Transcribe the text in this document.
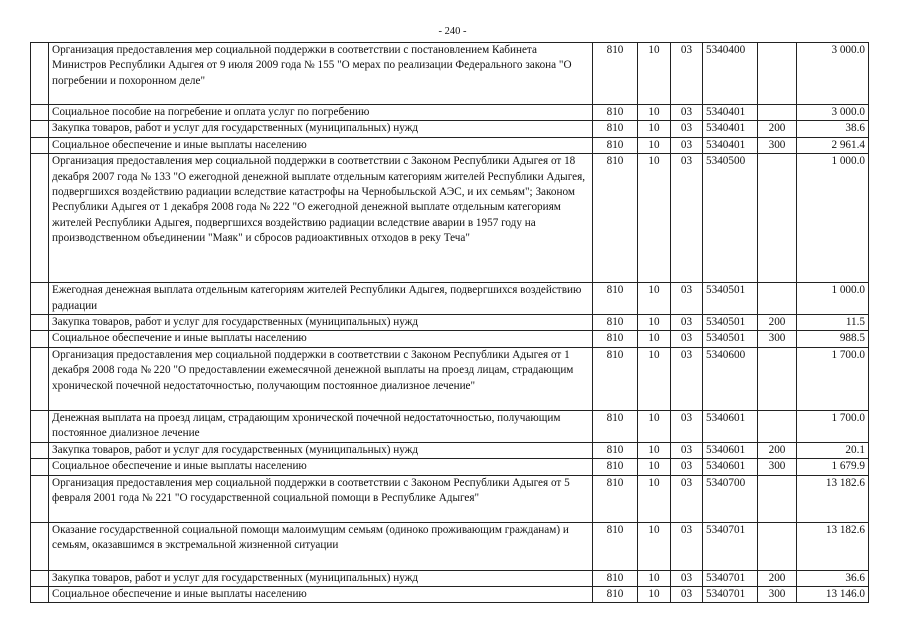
- 240 -
	Организация предоставления мер социальной поддержки в соответствии с постановлением Кабинета Министров Республики Адыгея от 9 июля 2009 года № 155 "О мерах по реализации Федерального закона "О погребении и похоронном деле"	810	10	03	5340400		3 000.0
	Социальное пособие на погребение и оплата услуг по погребению	810	10	03	5340401		3 000.0
	Закупка товаров, работ и услуг для государственных (муниципальных) нужд	810	10	03	5340401	200	38.6
	Социальное обеспечение и иные выплаты населению	810	10	03	5340401	300	2 961.4
	Организация предоставления мер социальной поддержки в соответствии с Законом Республики Адыгея от 18 декабря 2007 года № 133 "О ежегодной денежной выплате отдельным категориям жителей Республики Адыгея, подвергшихся воздействию радиации вследствие катастрофы на Чернобыльской АЭС, и их семьям"; Законом Республики Адыгея от 1 декабря 2008 года № 222 "О ежегодной денежной выплате отдельным категориям жителей Республики Адыгея, подвергшихся воздействию радиации вследствие аварии в 1957 году на производственном объединении "Маяк" и сбросов радиоактивных отходов в реку Теча"	810	10	03	5340500		1 000.0
	Ежегодная денежная выплата отдельным категориям жителей Республики Адыгея, подвергшихся воздействию радиации	810	10	03	5340501		1 000.0
	Закупка товаров, работ и услуг для государственных (муниципальных) нужд	810	10	03	5340501	200	11.5
	Социальное обеспечение и иные выплаты населению	810	10	03	5340501	300	988.5
	Организация предоставления мер социальной поддержки в соответствии с Законом Республики Адыгея от 1 декабря 2008 года № 220 "О предоставлении ежемесячной денежной выплаты на проезд лицам, страдающим хронической почечной недостаточностью, получающим постоянное диализное лечение"	810	10	03	5340600		1 700.0
	Денежная выплата на проезд лицам, страдающим хронической почечной недостаточностью, получающим постоянное диализное лечение	810	10	03	5340601		1 700.0
	Закупка товаров, работ и услуг для государственных (муниципальных) нужд	810	10	03	5340601	200	20.1
	Социальное обеспечение и иные выплаты населению	810	10	03	5340601	300	1 679.9
	Организация предоставления мер социальной поддержки в соответствии с Законом Республики Адыгея от 5 февраля 2001 года № 221 "О государственной социальной помощи в Республике Адыгея"	810	10	03	5340700		13 182.6
	Оказание государственной социальной помощи малоимущим семьям (одиноко проживающим гражданам) и семьям, оказавшимся в экстремальной жизненной ситуации	810	10	03	5340701		13 182.6
	Закупка товаров, работ и услуг для государственных (муниципальных) нужд	810	10	03	5340701	200	36.6
	Социальное обеспечение и иные выплаты населению	810	10	03	5340701	300	13 146.0
